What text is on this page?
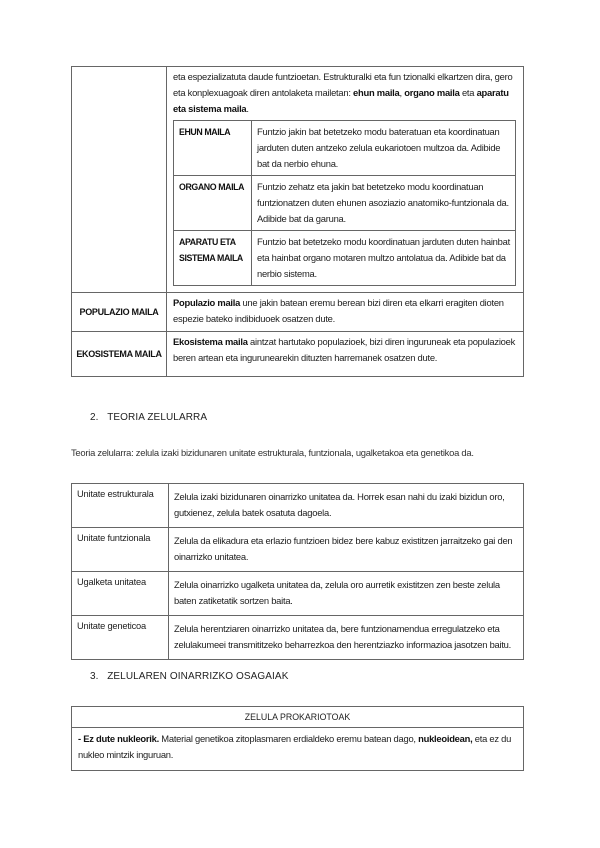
	eta espezializatuta daude funtzioetan. Estrukturalki eta fun tzionalki elkartzen dira, gero eta konplexuagoak diren antolaketa mailetan: ehun maila, organo maila eta aparatu eta sistema maila.
EHUN MAILA	Funtzio jakin bat betetzeko modu bateratuan eta koordinatuan jarduten duten antzeko zelula eukariotoen multzoa da. Adibide bat da nerbio ehuna.
ORGANO MAILA	Funtzio zehatz eta jakin bat betetzeko modu koordinatuan funtzionatzen duten ehunen asoziazio anatomiko-funtzionala da. Adibide bat da garuna.
APARATU ETA SISTEMA MAILA	Funtzio bat betetzeko modu koordinatuan jarduten duten hainbat eta hainbat organo motaren multzo antolatua da. Adibide bat da nerbio sistema.

POPULAZIO MAILA	Populazio maila une jakin batean eremu berean bizi diren eta elkarri eragiten dioten espezie bateko indibiduoek osatzen dute.
EKOSISTEMA MAILA	Ekosistema maila aintzat hartutako populazioek, bizi diren inguruneak eta populazioek beren artean eta ingurunearekin dituzten harremanek osatzen dute.
2. TEORIA ZELULARRA
Teoria zelularra: zelula izaki bizidunaren unitate estrukturala, funtzionala, ugalketakoa eta genetikoa da.
Unitate estrukturala	Zelula izaki bizidunaren oinarrizko unitatea da. Horrek esan nahi du izaki bizidun oro, gutxienez, zelula batek osatuta dagoela.
Unitate funtzionala	Zelula da elikadura eta erlazio funtzioen bidez bere kabuz existitzen jarraitzeko gai den oinarrizko unitatea.
Ugalketa unitatea	Zelula oinarrizko ugalketa unitatea da, zelula oro aurretik existitzen zen beste zelula baten zatiketatik sortzen baita.
Unitate geneticoa	Zelula herentziaren oinarrizko unitatea da, bere funtzionamendua erregulatzeko eta zelulakumeei transmititzeko beharrezkoa den herentziazko informazioa jasotzen baitu.
3. ZELULAREN OINARRIZKO OSAGAIAK
ZELULA PROKARIOTOAK
- Ez dute nukleorik. Material genetikoa zitoplasmaren erdialdeko eremu batean dago, nukleoidean, eta ez du nukleo mintzik inguruan.
